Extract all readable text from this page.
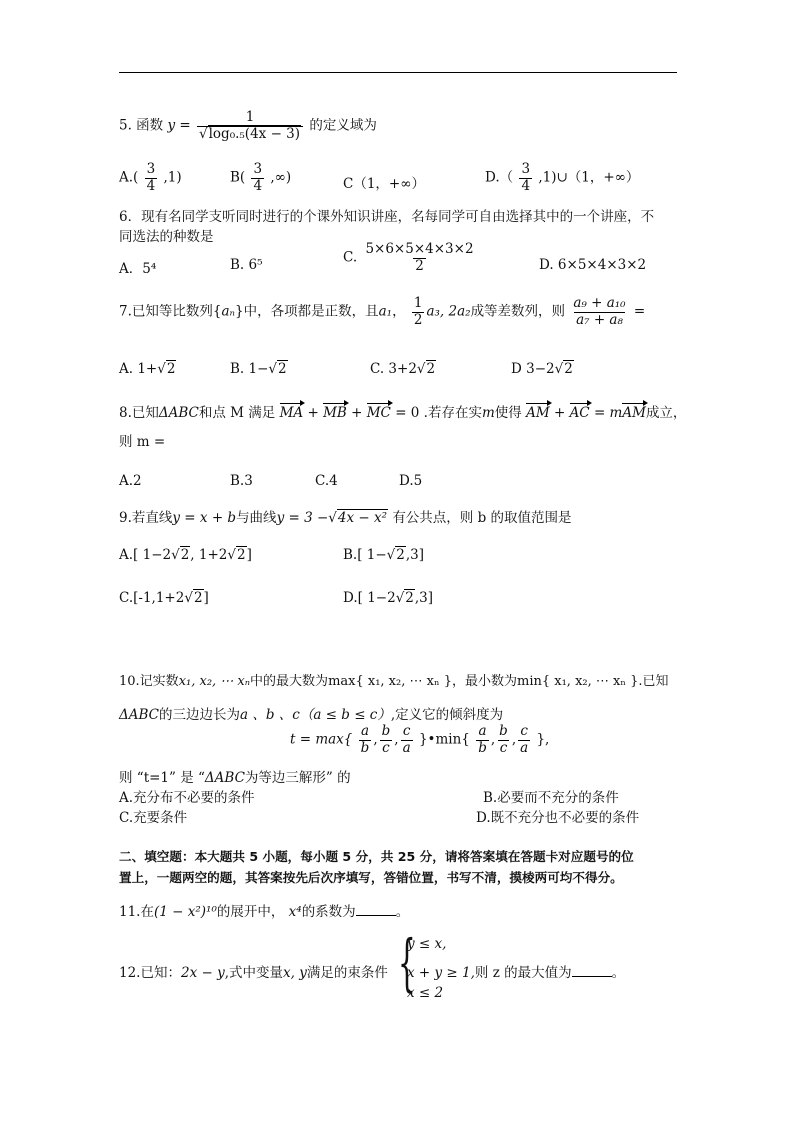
5. 函数 $y = \frac{1}{\text{√log₀.₅(4x − 3)}}$ 的定义域为
$A.( \frac{3}{4} ,1)$	$B( \frac{3}{4}$ ,∞)	C（1，+∞）	$D.( \frac{3}{4}$ ,1)∪（1，+∞）
6．现有名同学支听同时进行的个课外知识讲座，名每同学可自由选择其中的一个讲座，不
同选法的种数是
A．5⁴	B. 6⁵	C. $\frac{5\times 6\times 5\times 4\times 3\times 2}{2}$	D. 6×5×4×3×2
7.已知等比数列{aₙ}中，各项都是正数，且a₁， $\frac{1}{2} a_3$, 2a₂成等差数列，则 $\frac{\text{a₉ + a₁₀}}{\text{a₇ + a₈}}$ =
A. 1+√2	B. 1−√2	C. 3+2√2	D 3−2√2
8.已知ΔABC和点 M 满足 MA + MB + MC = 0 .若存在实m使得 AM + AC = mAM成立，
则 m =
A.2	B.3	C.4	D.5
9.若直线y = x + b与曲线y = 3 −√4x − x² 有公共点，则 b 的取值范围是
A.[ 1−2√2, 1+2√2]	B.[ 1−√2,3]
C.[-1,1+2√2]	D.[ 1−2√2,3]
10.记实数x₁, x₂, ⋯ xₙ中的最大数为max{ x₁, x₂, ⋯ xₙ }，最小数为min{ x₁, x₂, ⋯ xₙ }.已知
ΔABC的三边边长为a 、b 、c（a ≤ b ≤ c）,定义它的倾斜度为
$t = \max\{ \frac{a}{b}$ , $\frac{b}{c}$ , $\frac{c}{a}$ }•min{ $\frac{a}{b}$ , $\frac{b}{c}$ , $\frac{c}{a}$ },
则 “t=1” 是 “ΔABC为等边三解形” 的
A.充分布不必要的条件	B.必要而不充分的条件
C.充要条件	D.既不充分也不必要的条件
二、填空题：本大题共 5 小题，每小题 5 分，共 25 分，请将答案填在答题卡对应题号的位
置上，一题两空的题，其答案按先后次序填写，答错位置，书写不清，摸棱两可均不得分。
11.在(1 − x²)¹⁰的展开中， x⁴的系数为	。
12.已知：2x − y,式中变量x, y满足的束条件 {
y ≤ x,
x + y ≥ 1,则 z 的最大值为	。
x ≤ 2
